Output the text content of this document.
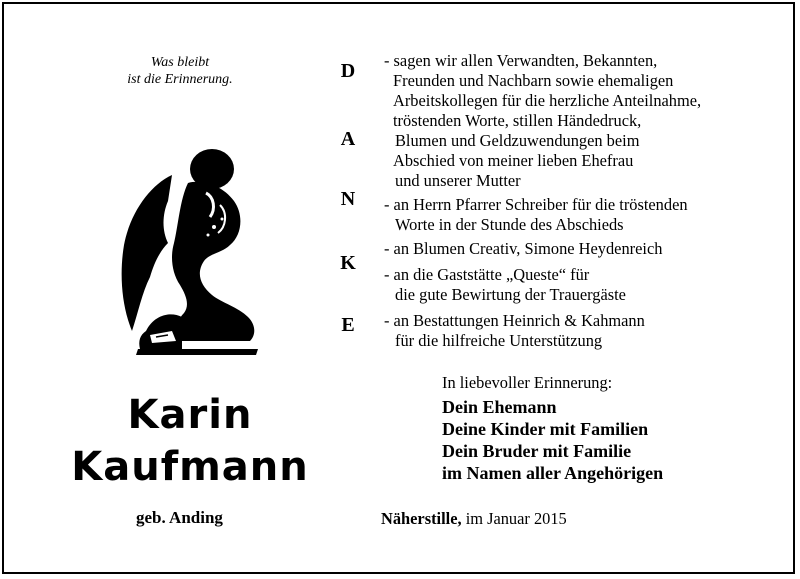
Was bleibt
ist die Erinnerung.
Karin
Kaufmann
geb. Anding
D
A
N
K
E
- sagen wir allen Verwandten, Bekannten,
Freunden und Nachbarn sowie ehemaligen
Arbeitskollegen für die herzliche Anteilnahme,
tröstenden Worte, stillen Händedruck,
Blumen und Geldzuwendungen beim
Abschied von meiner lieben Ehefrau
und unserer Mutter
- an Herrn Pfarrer Schreiber für die tröstenden
Worte in der Stunde des Abschieds
- an Blumen Creativ, Simone Heydenreich
- an die Gaststätte „Queste“ für
die gute Bewirtung der Trauergäste
- an Bestattungen Heinrich & Kahmann
für die hilfreiche Unterstützung
In liebevoller Erinnerung:
Dein Ehemann
Deine Kinder mit Familien
Dein Bruder mit Familie
im Namen aller Angehörigen
Näherstille, im Januar 2015
